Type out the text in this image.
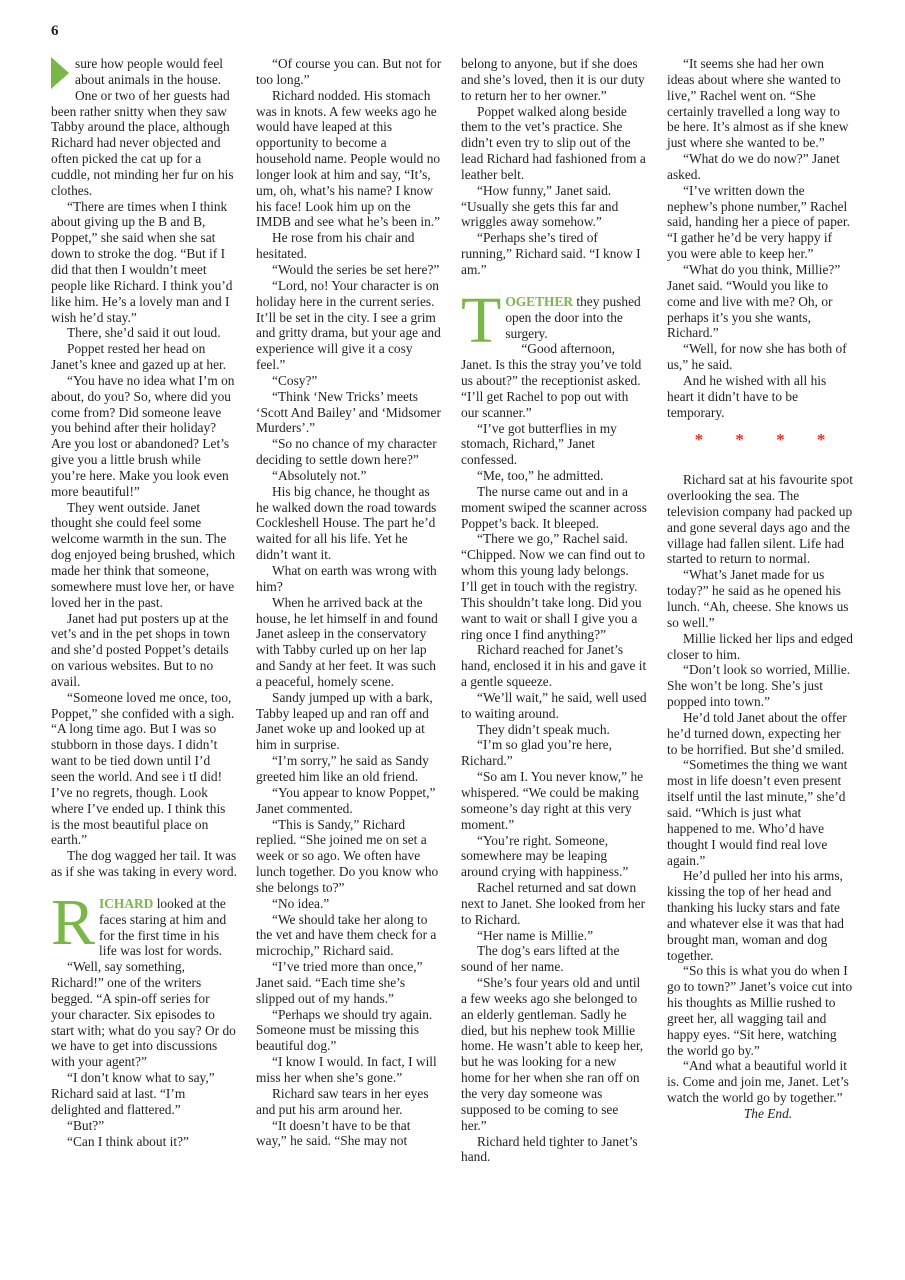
6

sure how people would feel about animals in the house. One or two of her guests had been rather snitty when they saw Tabby around the place, although Richard had never objected and often picked the cat up for a cuddle, not minding her fur on his clothes.

“There are times when I think about giving up the B and B, Poppet,” she said when she sat down to stroke the dog. “But if I did that then I wouldn’t meet people like Richard. I think you’d like him. He’s a lovely man and I wish he’d stay.”

There, she’d said it out loud.

Poppet rested her head on Janet’s knee and gazed up at her.

“You have no idea what I’m on about, do you? So, where did you come from? Did someone leave you behind after their holiday? Are you lost or abandoned? Let’s give you a little brush while you’re here. Make you look even more beautiful!”

They went outside. Janet thought she could feel some welcome warmth in the sun. The dog enjoyed being brushed, which made her think that someone, somewhere must love her, or have loved her in the past.

Janet had put posters up at the vet’s and in the pet shops in town and she’d posted Poppet’s details on various websites. But to no avail.

“Someone loved me once, too, Poppet,” she confided with a sigh. “A long time ago. But I was so stubborn in those days. I didn’t want to be tied down until I’d seen the world. And see i tI did! I’ve no regrets, though. Look where I’ve ended up. I think this is the most beautiful place on earth.”

The dog wagged her tail. It was as if she was taking in every word.

RICHARD looked at the faces staring at him and for the first time in his life was lost for words.

“Well, say something, Richard!” one of the writers begged. “A spin-off series for your character. Six episodes to start with; what do you say? Or do we have to get into discussions with your agent?”

“I don’t know what to say,” Richard said at last. “I’m delighted and flattered.”

“But?”

“Can I think about it?”

“Of course you can. But not for too long.”

Richard nodded. His stomach was in knots. A few weeks ago he would have leaped at this opportunity to become a household name. People would no longer look at him and say, “It’s, um, oh, what’s his name? I know his face! Look him up on the IMDB and see what he’s been in.”

He rose from his chair and hesitated.

“Would the series be set here?”

“Lord, no! Your character is on holiday here in the current series. It’ll be set in the city. I see a grim and gritty drama, but your age and experience will give it a cosy feel.”

“Cosy?”

“Think ‘New Tricks’ meets ‘Scott And Bailey’ and ‘Midsomer Murders’.”

“So no chance of my character deciding to settle down here?”

“Absolutely not.”

His big chance, he thought as he walked down the road towards Cockleshell House. The part he’d waited for all his life. Yet he didn’t want it.

What on earth was wrong with him?

When he arrived back at the house, he let himself in and found Janet asleep in the conservatory with Tabby curled up on her lap and Sandy at her feet. It was such a peaceful, homely scene.

Sandy jumped up with a bark, Tabby leaped up and ran off and Janet woke up and looked up at him in surprise.

“I’m sorry,” he said as Sandy greeted him like an old friend.

“You appear to know Poppet,” Janet commented.

“This is Sandy,” Richard replied. “She joined me on set a week or so ago. We often have lunch together. Do you know who she belongs to?”

“No idea.”

“We should take her along to the vet and have them check for a microchip,” Richard said.

“I’ve tried more than once,” Janet said. “Each time she’s slipped out of my hands.”

“Perhaps we should try again. Someone must be missing this beautiful dog.”

“I know I would. In fact, I will miss her when she’s gone.”

Richard saw tears in her eyes and put his arm around her.

“It doesn’t have to be that way,” he said. “She may not

belong to anyone, but if she does and she’s loved, then it is our duty to return her to her owner.”

Poppet walked along beside them to the vet’s practice. She didn’t even try to slip out of the lead Richard had fashioned from a leather belt.

“How funny,” Janet said. “Usually she gets this far and wriggles away somehow.”

“Perhaps she’s tired of running,” Richard said. “I know I am.”

TOGETHER they pushed open the door into the surgery.

“Good afternoon, Janet. Is this the stray you’ve told us about?” the receptionist asked. “I’ll get Rachel to pop out with our scanner.”

“I’ve got butterflies in my stomach, Richard,” Janet confessed.

“Me, too,” he admitted.

The nurse came out and in a moment swiped the scanner across Poppet’s back. It bleeped.

“There we go,” Rachel said. “Chipped. Now we can find out to whom this young lady belongs. I’ll get in touch with the registry. This shouldn’t take long. Did you want to wait or shall I give you a ring once I find anything?”

Richard reached for Janet’s hand, enclosed it in his and gave it a gentle squeeze.

“We’ll wait,” he said, well used to waiting around.

They didn’t speak much.

“I’m so glad you’re here, Richard.”

“So am I. You never know,” he whispered. “We could be making someone’s day right at this very moment.”

“You’re right. Someone, somewhere may be leaping around crying with happiness.”

Rachel returned and sat down next to Janet. She looked from her to Richard.

“Her name is Millie.”

The dog’s ears lifted at the sound of her name.

“She’s four years old and until a few weeks ago she belonged to an elderly gentleman. Sadly he died, but his nephew took Millie home. He wasn’t able to keep her, but he was looking for a new home for her when she ran off on the very day someone was supposed to be coming to see her.”

Richard held tighter to Janet’s hand.

“It seems she had her own ideas about where she wanted to live,” Rachel went on. “She certainly travelled a long way to be here. It’s almost as if she knew just where she wanted to be.”

“What do we do now?” Janet asked.

“I’ve written down the nephew’s phone number,” Rachel said, handing her a piece of paper. “I gather he’d be very happy if you were able to keep her.”

“What do you think, Millie?” Janet said. “Would you like to come and live with me? Oh, or perhaps it’s you she wants, Richard.”

“Well, for now she has both of us,” he said.

And he wished with all his heart it didn’t have to be temporary.

* * * *

Richard sat at his favourite spot overlooking the sea. The television company had packed up and gone several days ago and the village had fallen silent. Life had started to return to normal.

“What’s Janet made for us today?” he said as he opened his lunch. “Ah, cheese. She knows us so well.”

Millie licked her lips and edged closer to him.

“Don’t look so worried, Millie. She won’t be long. She’s just popped into town.”

He’d told Janet about the offer he’d turned down, expecting her to be horrified. But she’d smiled.

“Sometimes the thing we want most in life doesn’t even present itself until the last minute,” she’d said. “Which is just what happened to me. Who’d have thought I would find real love again.”

He’d pulled her into his arms, kissing the top of her head and thanking his lucky stars and fate and whatever else it was that had brought man, woman and dog together.

“So this is what you do when I go to town?” Janet’s voice cut into his thoughts as Millie rushed to greet her, all wagging tail and happy eyes. “Sit here, watching the world go by.”

“And what a beautiful world it is. Come and join me, Janet. Let’s watch the world go by together.”

The End.
